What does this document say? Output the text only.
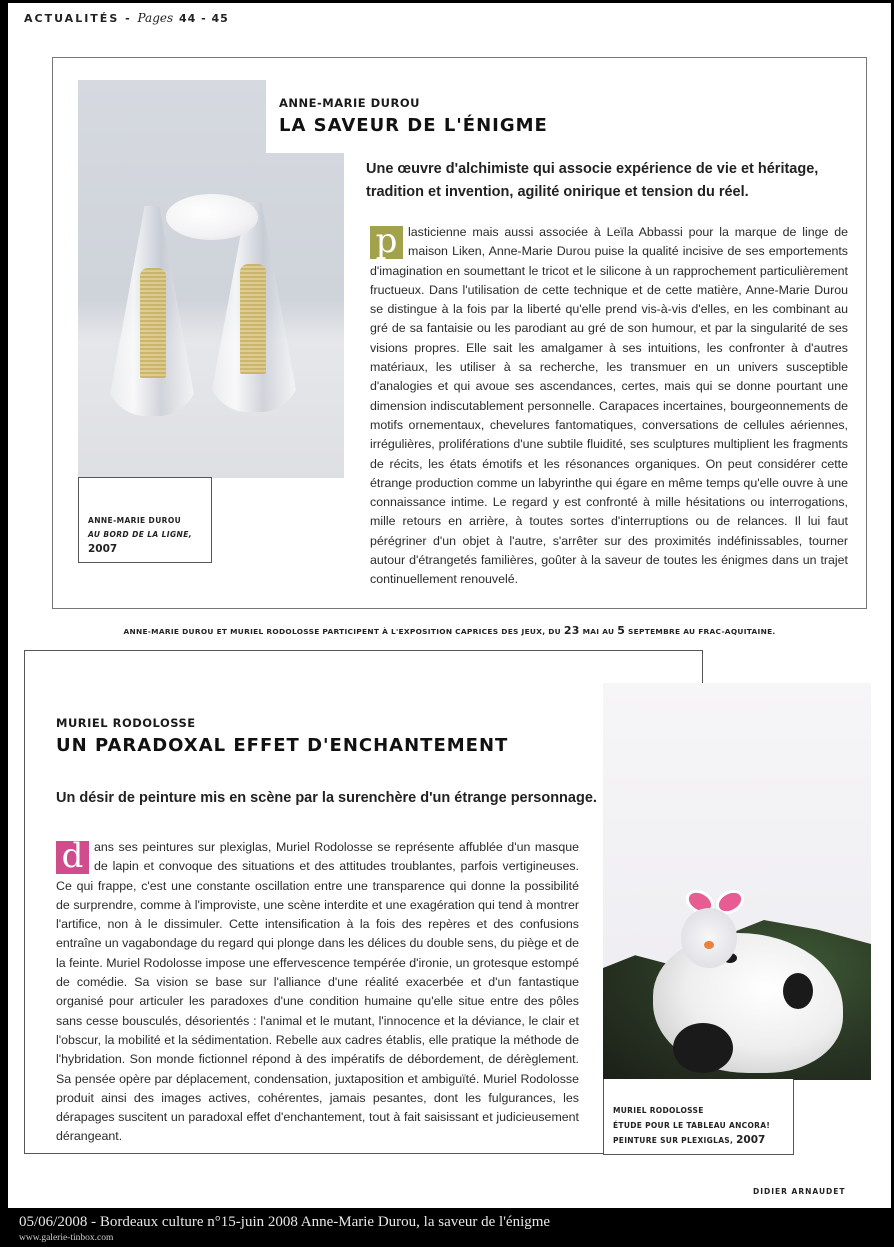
ACTUALITÉS - Pages 44 - 45
ANNE-MARIE DUROU
AU BORD DE LA LIGNE,
2007
ANNE-MARIE DUROU
LA SAVEUR DE L'ÉNIGME
Une œuvre d'alchimiste qui associe expérience de vie et héritage, tradition et invention, agilité onirique et tension du réel.
p lasticienne mais aussi associée à Leïla Abbassi pour la marque de linge de maison Liken, Anne-Marie Durou puise la qualité incisive de ses emportements d'imagination en soumettant le tricot et le silicone à un rapprochement particulièrement fructueux. Dans l'utilisation de cette technique et de cette matière, Anne-Marie Durou se distingue à la fois par la liberté qu'elle prend vis-à-vis d'elles, en les combinant au gré de sa fantaisie ou les parodiant au gré de son humour, et par la singularité de ses visions propres. Elle sait les amalgamer à ses intuitions, les confronter à d'autres matériaux, les utiliser à sa recherche, les transmuer en un univers susceptible d'analogies et qui avoue ses ascendances, certes, mais qui se donne pourtant une dimension indiscutablement personnelle. Carapaces incertaines, bourgeonnements de motifs ornementaux, chevelures fantomatiques, conversations de cellules aériennes, irrégulières, proliférations d'une subtile fluidité, ses sculptures multiplient les fragments de récits, les états émotifs et les résonances organiques. On peut considérer cette étrange production comme un labyrinthe qui égare en même temps qu'elle ouvre à une connaissance intime. Le regard y est confronté à mille hésitations ou interrogations, mille retours en arrière, à toutes sortes d'interruptions ou de relances. Il lui faut pérégriner d'un objet à l'autre, s'arrêter sur des proximités indéfinissables, tourner autour d'étrangetés familières, goûter à la saveur de toutes les énigmes dans un trajet continuellement renouvelé.
ANNE-MARIE DUROU ET MURIEL RODOLOSSE PARTICIPENT À L'EXPOSITION CAPRICES DES JEUX, DU 23 MAI AU 5 SEPTEMBRE AU FRAC-AQUITAINE.
MURIEL RODOLOSSE
ÉTUDE POUR LE TABLEAU ANCORA!
PEINTURE SUR PLEXIGLAS, 2007
MURIEL RODOLOSSE
UN PARADOXAL EFFET D'ENCHANTEMENT
Un désir de peinture mis en scène par la surenchère d'un étrange personnage.
d ans ses peintures sur plexiglas, Muriel Rodolosse se représente affublée d'un masque de lapin et convoque des situations et des attitudes troublantes, parfois vertigineuses. Ce qui frappe, c'est une constante oscillation entre une transparence qui donne la possibilité de surprendre, comme à l'improviste, une scène interdite et une exagération qui tend à montrer l'artifice, non à le dissimuler. Cette intensification à la fois des repères et des confusions entraîne un vagabondage du regard qui plonge dans les délices du double sens, du piège et de la feinte. Muriel Rodolosse impose une effervescence tempérée d'ironie, un grotesque estompé de comédie. Sa vision se base sur l'alliance d'une réalité exacerbée et d'un fantastique organisé pour articuler les paradoxes d'une condition humaine qu'elle situe entre des pôles sans cesse bousculés, désorientés : l'animal et le mutant, l'innocence et la déviance, le clair et l'obscur, la mobilité et la sédimentation. Rebelle aux cadres établis, elle pratique la méthode de l'hybridation. Son monde fictionnel répond à des impératifs de débordement, de dérèglement. Sa pensée opère par déplacement, condensation, juxtaposition et ambiguïté. Muriel Rodolosse produit ainsi des images actives, cohérentes, jamais pesantes, dont les fulgurances, les dérapages suscitent un paradoxal effet d'enchantement, tout à fait saisissant et judicieusement dérangeant.
DIDIER ARNAUDET
05/06/2008 - Bordeaux culture n°15-juin 2008 Anne-Marie Durou, la saveur de l'énigme
www.galerie-tinbox.com
